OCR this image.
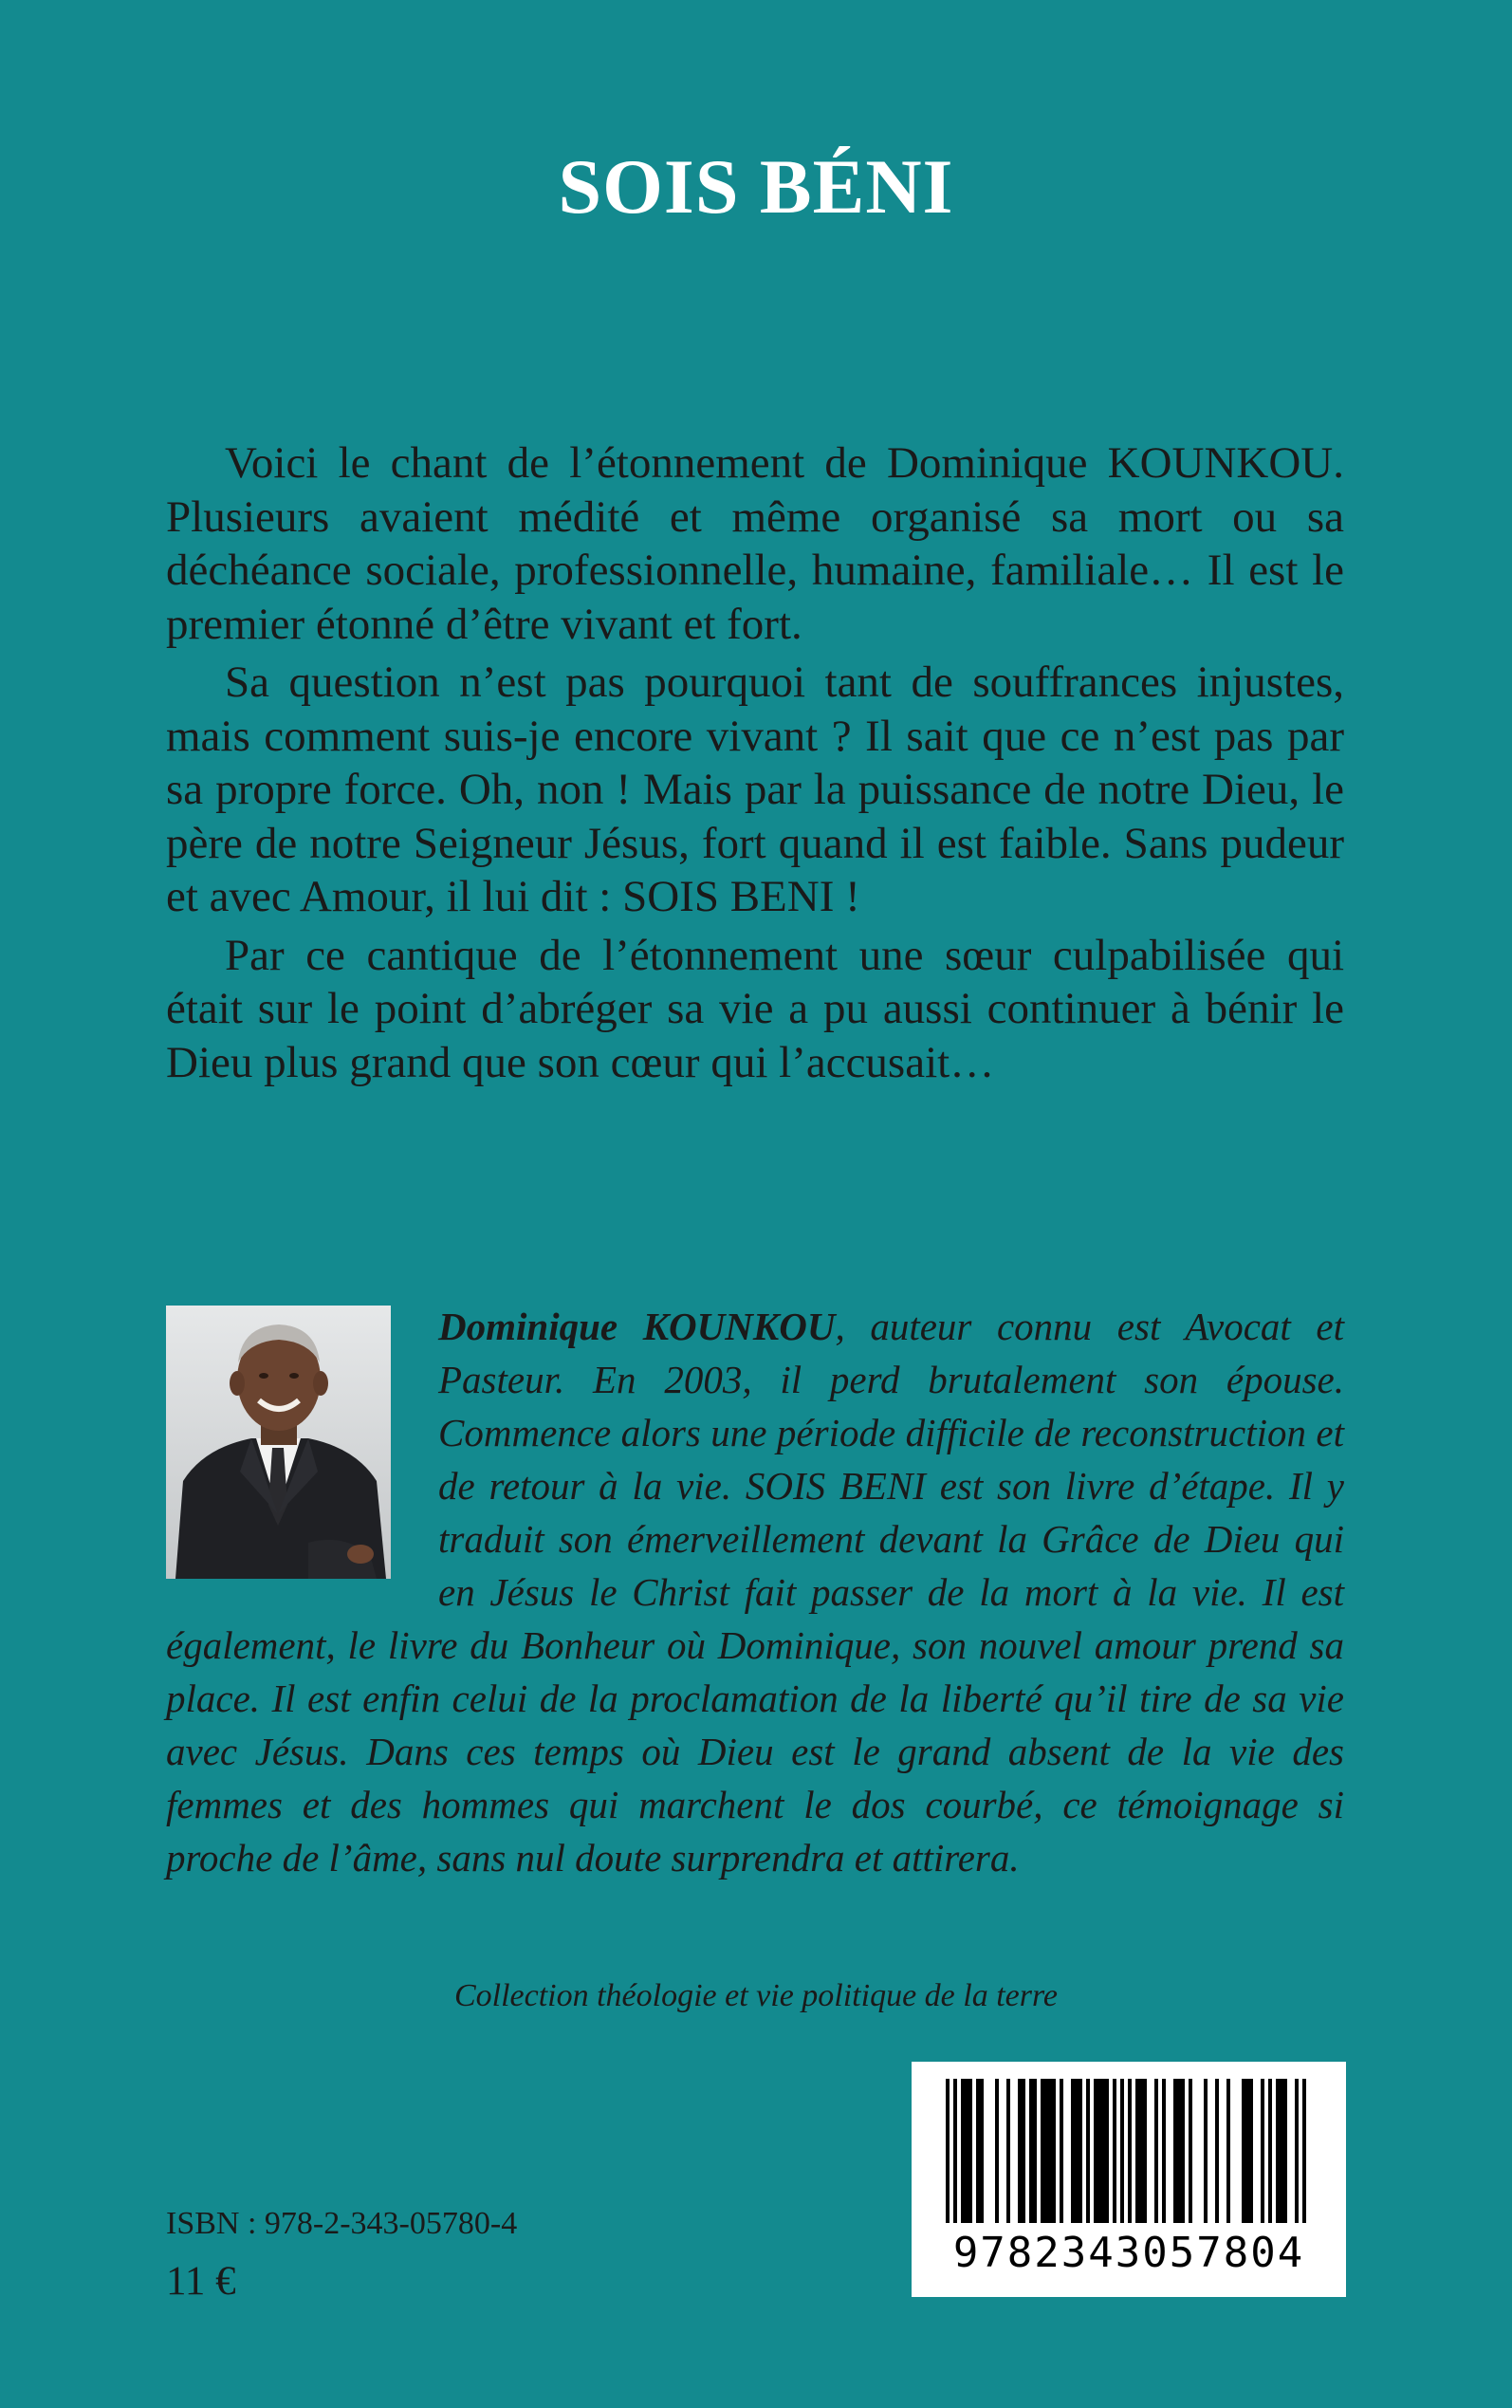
SOIS BÉNI

Voici le chant de l’étonnement de Dominique KOUNKOU. Plusieurs avaient médité et même organisé sa mort ou sa déchéance sociale, professionnelle, humaine, familiale… Il est le premier étonné d’être vivant et fort.

Sa question n’est pas pourquoi tant de souffrances injustes, mais comment suis-je encore vivant ? Il sait que ce n’est pas par sa propre force. Oh, non ! Mais par la puissance de notre Dieu, le père de notre Seigneur Jésus, fort quand il est faible. Sans pudeur et avec Amour, il lui dit : SOIS BENI !

Par ce cantique de l’étonnement une sœur culpabilisée qui était sur le point d’abréger sa vie a pu aussi continuer à bénir le Dieu plus grand que son cœur qui l’accusait…

Dominique KOUNKOU, auteur connu est Avocat et Pasteur. En 2003, il perd brutalement son épouse. Commence alors une période difficile de reconstruction et de retour à la vie. SOIS BENI est son livre d’étape. Il y traduit son émerveillement devant la Grâce de Dieu qui en Jésus le Christ fait passer de la mort à la vie. Il est également, le livre du Bonheur où Dominique, son nouvel amour prend sa place. Il est enfin celui de la proclamation de la liberté qu’il tire de sa vie avec Jésus. Dans ces temps où Dieu est le grand absent de la vie des femmes et des hommes qui marchent le dos courbé, ce témoignage si proche de l’âme, sans nul doute surprendra et attirera.

Collection théologie et vie politique de la terre

ISBN : 978-2-343-05780-4

11 €

9782343057804
